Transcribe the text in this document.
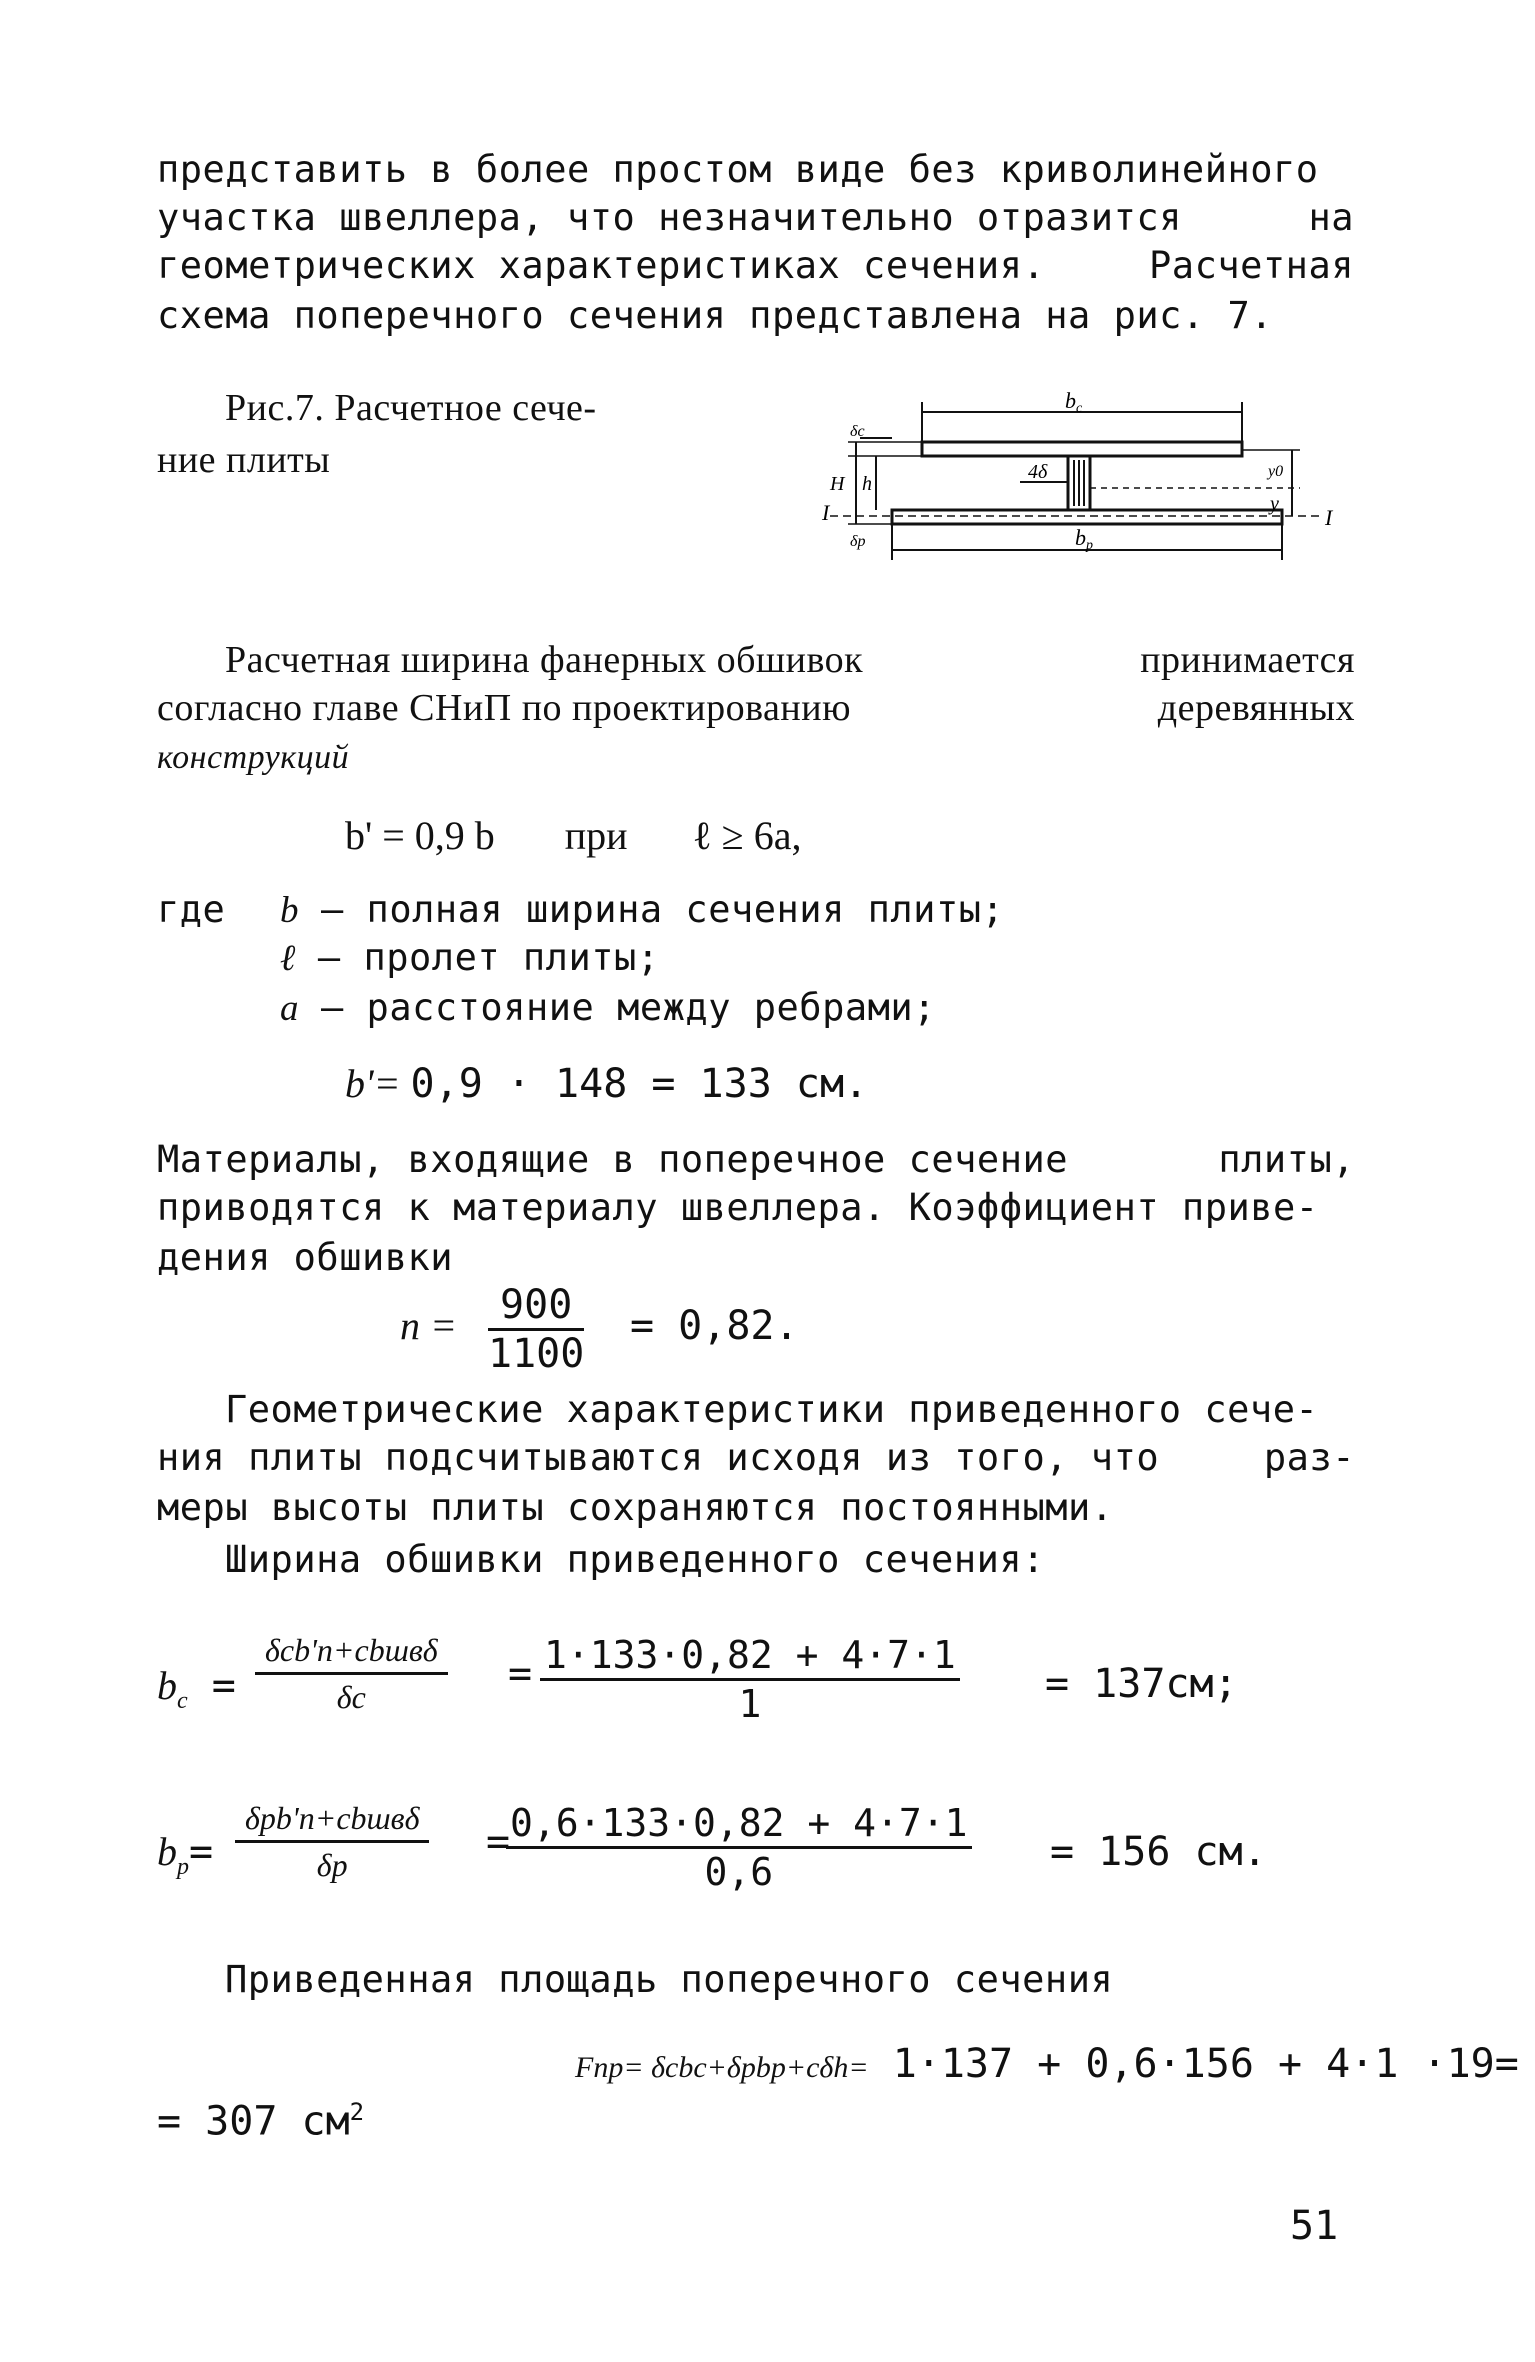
представить в более простом виде без криволинейного
участка швеллера, что незначительно отразится	на
геометрических характеристиках сечения.	Расчетная
схема поперечного сечения представлена на рис. 7.
Рис.7. Расчетное сече-
ние плиты
bc
bp
H h
δc
δp
I	I
y0
y
4δ
Расчетная ширина фанерных обшивок	принимается
согласно главе СНиП по проектированию	деревянных
конструкций
b' = 0,9 b при ℓ ≥ 6a,
где b – полная ширина сечения плиты;
ℓ – пролет плиты;
a – расстояние между ребрами;
b'= 0,9 · 148 = 133 см.
Материалы, входящие в поперечное сечение	плиты,
приводятся к материалу швеллера. Коэффициент приве-
дения обшивки
$n = \frac{900}{1100} = 0,82$.
Геометрические характеристики приведенного сече-
ния плиты подсчитываются исходя из того, что	раз-
меры высоты плиты сохраняются постоянными.
Ширина обшивки приведенного сечения:
$b_c$ =
δcb'n+cbшвδ
δc	= $\frac{1\cdot 133\cdot 0,82 + 4\cdot 7\cdot 1}{1} = 137см$;
$b_p=$
δpb'n+cbшвδ
δp	=
$\frac{0,6\cdot 133\cdot 0,82 + 4\cdot 7\cdot 1}{0,6} = 156$ см.
Приведенная площадь поперечного сечения
Fпр= δcbc+δpbp+cδh= 1·137 + 0,6·156 + 4·1 ·19=
= 307 $см^2$
51
